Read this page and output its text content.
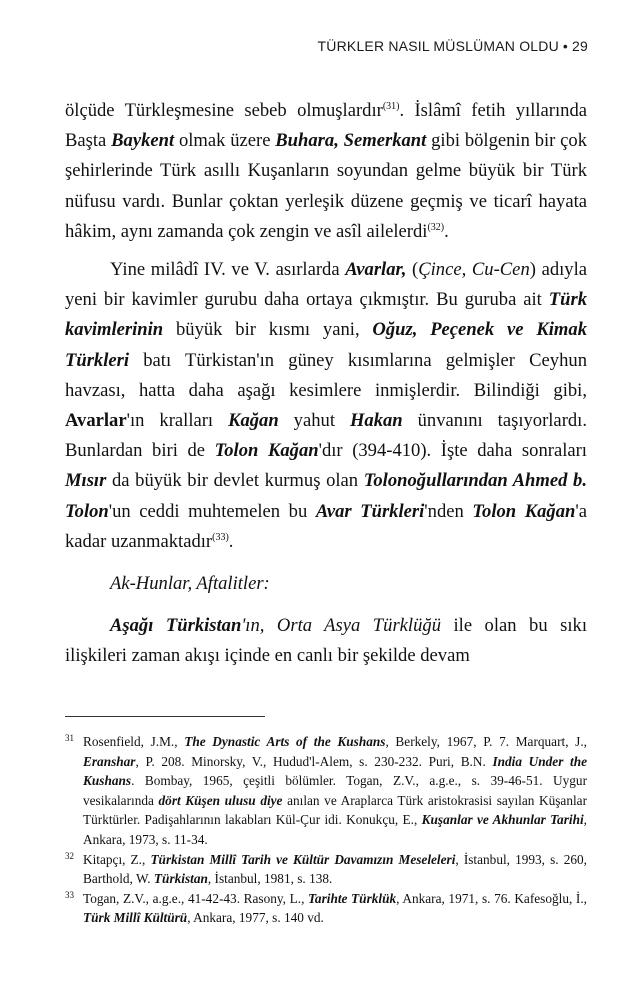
TÜRKLER NASIL MÜSLÜMAN OLDU • 29

ölçüde Türkleşmesine sebeb olmuşlardır$^{(31)}$. İslâmî fetih yıllarında Başta Baykent olmak üzere Buhara, Semerkant gibi bölgenin bir çok şehirlerinde Türk asıllı Kuşanların soyundan gelme büyük bir Türk nüfusu vardı. Bunlar çoktan yerleşik düzene geçmiş ve ticarî hayata hâkim, aynı zamanda çok zengin ve asîl ailelerdi$^{(32)}$.

Yine milâdî IV. ve V. asırlarda Avarlar, (Çince, Cu-Cen) adıyla yeni bir kavimler gurubu daha ortaya çıkmıştır. Bu guruba ait Türk kavimlerinin büyük bir kısmı yani, Oğuz, Peçenek ve Kimak Türkleri batı Türkistan'ın güney kısımlarına gelmişler Ceyhun havzası, hatta daha aşağı kesimlere inmişlerdir. Bilindiği gibi, Avarlar'ın kralları Kağan yahut Hakan ünvanını taşıyorlardı. Bunlardan biri de Tolon Kağan'dır (394-410). İşte daha sonraları Mısır da büyük bir devlet kurmuş olan Tolonoğullarından Ahmed b. Tolon'un ceddi muhtemelen bu Avar Türkleri'nden Tolon Kağan'a kadar uzanmaktadır$^{(33)}$.

Ak-Hunlar, Aftalitler:

Aşağı Türkistan'ın, Orta Asya Türklüğü ile olan bu sıkı ilişkileri zaman akışı içinde en canlı bir şekilde devam

31 Rosenfield, J.M., The Dynastic Arts of the Kushans, Berkely, 1967, P. 7. Marquart, J., Eranshar, P. 208. Minorsky, V., Hudud'l-Alem, s. 230-232. Puri, B.N. India Under the Kushans. Bombay, 1965, çeşitli bölümler. Togan, Z.V., a.g.e., s. 39-46-51. Uygur vesikalarında dört Küşen ulusu diye anılan ve Araplarca Türk aristokrasisi sayılan Küşanlar Türktürler. Padişahlarının lakabları Kül-Çur idi. Konukçu, E., Kuşanlar ve Akhunlar Tarihi, Ankara, 1973, s. 11-34.
32 Kitapçı, Z., Türkistan Millî Tarih ve Kültür Davamızın Meseleleri, İstanbul, 1993, s. 260, Barthold, W. Türkistan, İstanbul, 1981, s. 138.
33 Togan, Z.V., a.g.e., 41-42-43. Rasony, L., Tarihte Türklük, Ankara, 1971, s. 76. Kafesoğlu, İ., Türk Millî Kültürü, Ankara, 1977, s. 140 vd.
